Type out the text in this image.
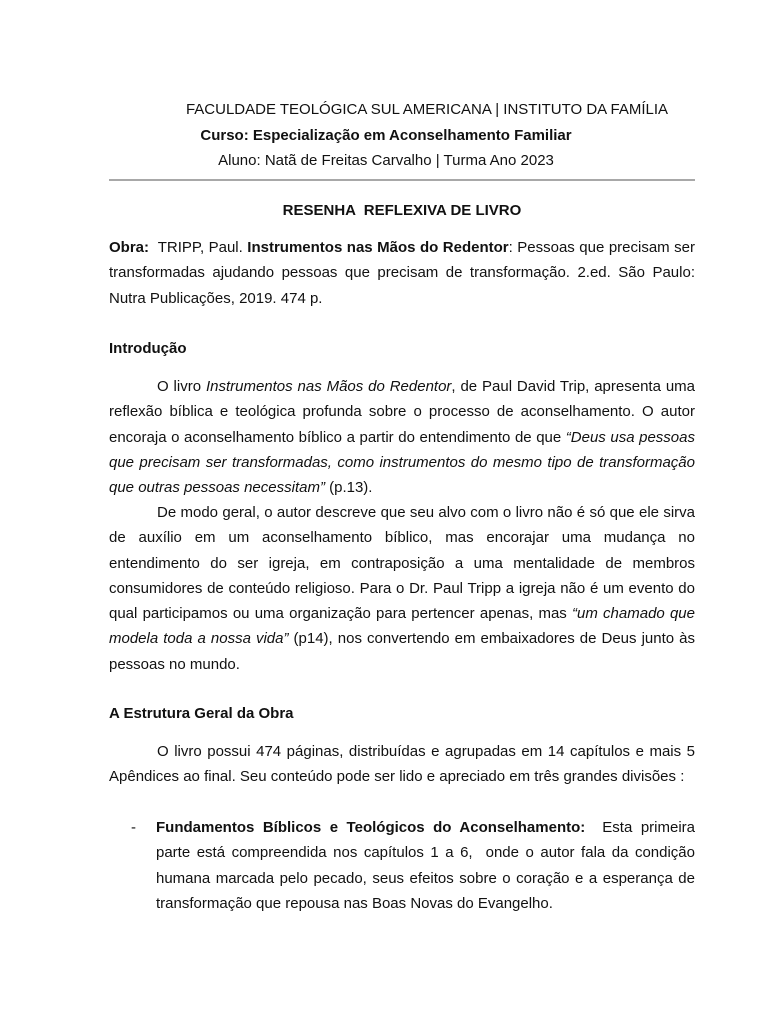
FACULDADE TEOLÓGICA SUL AMERICANA | INSTITUTO DA FAMÍLIA
Curso: Especialização em Aconselhamento Familiar
Aluno: Natã de Freitas Carvalho | Turma Ano 2023
RESENHA  REFLEXIVA DE LIVRO
Obra:  TRIPP, Paul. Instrumentos nas Mãos do Redentor: Pessoas que precisam ser transformadas ajudando pessoas que precisam de transformação. 2.ed. São Paulo: Nutra Publicações, 2019. 474 p.
Introdução
O livro Instrumentos nas Mãos do Redentor, de Paul David Trip, apresenta uma reflexão bíblica e teológica profunda sobre o processo de aconselhamento. O autor encoraja o aconselhamento bíblico a partir do entendimento de que “Deus usa pessoas que precisam ser transformadas, como instrumentos do mesmo tipo de transformação que outras pessoas necessitam” (p.13).
De modo geral, o autor descreve que seu alvo com o livro não é só que ele sirva de auxílio em um aconselhamento bíblico, mas encorajar uma mudança no entendimento do ser igreja, em contraposição a uma mentalidade de membros consumidores de conteúdo religioso. Para o Dr. Paul Tripp a igreja não é um evento do qual participamos ou uma organização para pertencer apenas, mas “um chamado que modela toda a nossa vida” (p14), nos convertendo em embaixadores de Deus junto às pessoas no mundo.
A Estrutura Geral da Obra
O livro possui 474 páginas, distribuídas e agrupadas em 14 capítulos e mais 5 Apêndices ao final. Seu conteúdo pode ser lido e apreciado em três grandes divisões :
- Fundamentos Bíblicos e Teológicos do Aconselhamento:  Esta primeira parte está compreendida nos capítulos 1 a 6,  onde o autor fala da condição humana marcada pelo pecado, seus efeitos sobre o coração e a esperança de transformação que repousa nas Boas Novas do Evangelho.
